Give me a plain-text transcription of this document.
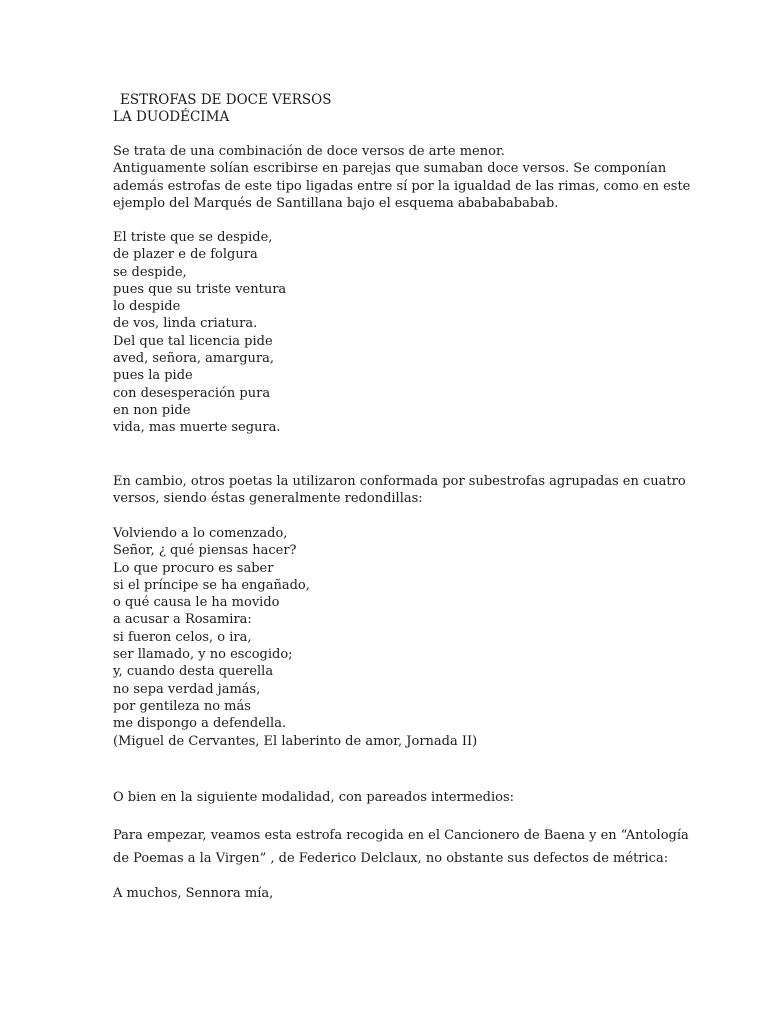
ESTROFAS DE DOCE VERSOS
LA DUODÉCIMA
Se trata de una combinación de doce versos de arte menor.
Antiguamente solían escribirse en parejas que sumaban doce versos. Se componían
además estrofas de este tipo ligadas entre sí por la igualdad de las rimas, como en este
ejemplo del Marqués de Santillana bajo el esquema abababababab.
El triste que se despide,
de plazer e de folgura
se despide,
pues que su triste ventura
lo despide
de vos, linda criatura.
Del que tal licencia pide
aved, señora, amargura,
pues la pide
con desesperación pura
en non pide
vida, mas muerte segura.
En cambio, otros poetas la utilizaron conformada por subestrofas agrupadas en cuatro
versos, siendo éstas generalmente redondillas:
Volviendo a lo comenzado,
Señor, ¿ qué piensas hacer?
Lo que procuro es saber
si el príncipe se ha engañado,
o qué causa le ha movido
a acusar a Rosamira:
si fueron celos, o ira,
ser llamado, y no escogido;
y, cuando desta querella
no sepa verdad jamás,
por gentileza no más
me dispongo a defendella.
(Miguel de Cervantes, El laberinto de amor, Jornada II)
O bien en la siguiente modalidad, con pareados intermedios:
Para empezar, veamos esta estrofa recogida en el Cancionero de Baena y en “Antología
de Poemas a la Virgen” , de Federico Delclaux, no obstante sus defectos de métrica:
A muchos, Sennora mía,
